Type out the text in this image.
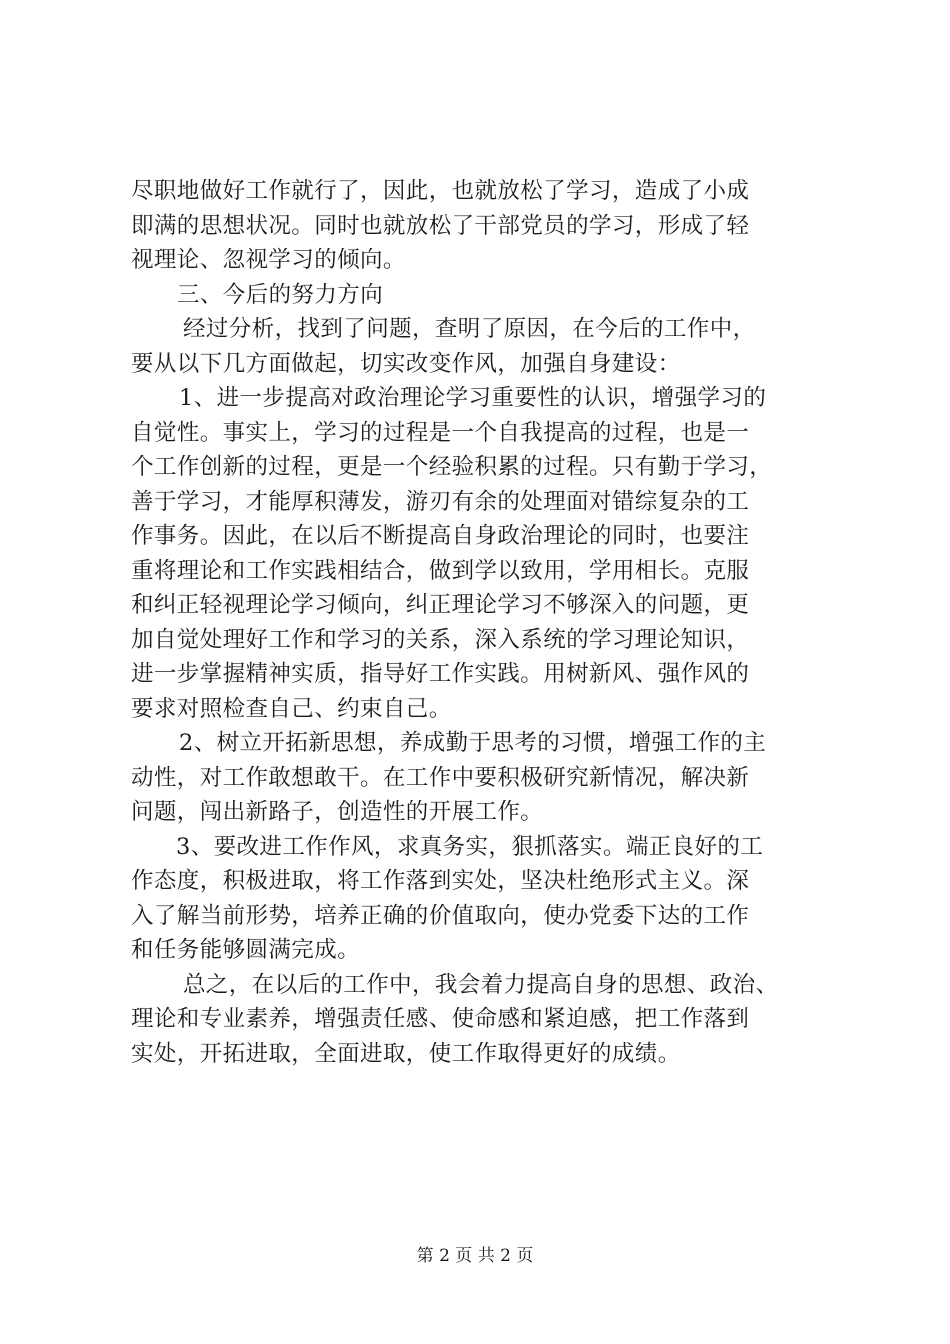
尽职地做好工作就行了，因此，也就放松了学习，造成了小成
即满的思想状况。同时也就放松了干部党员的学习，形成了轻
视理论、忽视学习的倾向。
三、今后的努力方向
经过分析，找到了问题，查明了原因，在今后的工作中，
要从以下几方面做起，切实改变作风，加强自身建设：
1、进一步提高对政治理论学习重要性的认识，增强学习的
自觉性。事实上，学习的过程是一个自我提高的过程，也是一
个工作创新的过程，更是一个经验积累的过程。只有勤于学习，
善于学习，才能厚积薄发，游刃有余的处理面对错综复杂的工
作事务。因此，在以后不断提高自身政治理论的同时，也要注
重将理论和工作实践相结合，做到学以致用，学用相长。克服
和纠正轻视理论学习倾向，纠正理论学习不够深入的问题，更
加自觉处理好工作和学习的关系，深入系统的学习理论知识，
进一步掌握精神实质，指导好工作实践。用树新风、强作风的
要求对照检查自己、约束自己。
2、树立开拓新思想，养成勤于思考的习惯，增强工作的主
动性，对工作敢想敢干。在工作中要积极研究新情况，解决新
问题，闯出新路子，创造性的开展工作。
3、要改进工作作风，求真务实，狠抓落实。端正良好的工
作态度，积极进取，将工作落到实处，坚决杜绝形式主义。深
入了解当前形势，培养正确的价值取向，使办党委下达的工作
和任务能够圆满完成。
总之，在以后的工作中，我会着力提高自身的思想、政治、
理论和专业素养，增强责任感、使命感和紧迫感，把工作落到
实处，开拓进取，全面进取，使工作取得更好的成绩。
第 2 页 共 2 页
